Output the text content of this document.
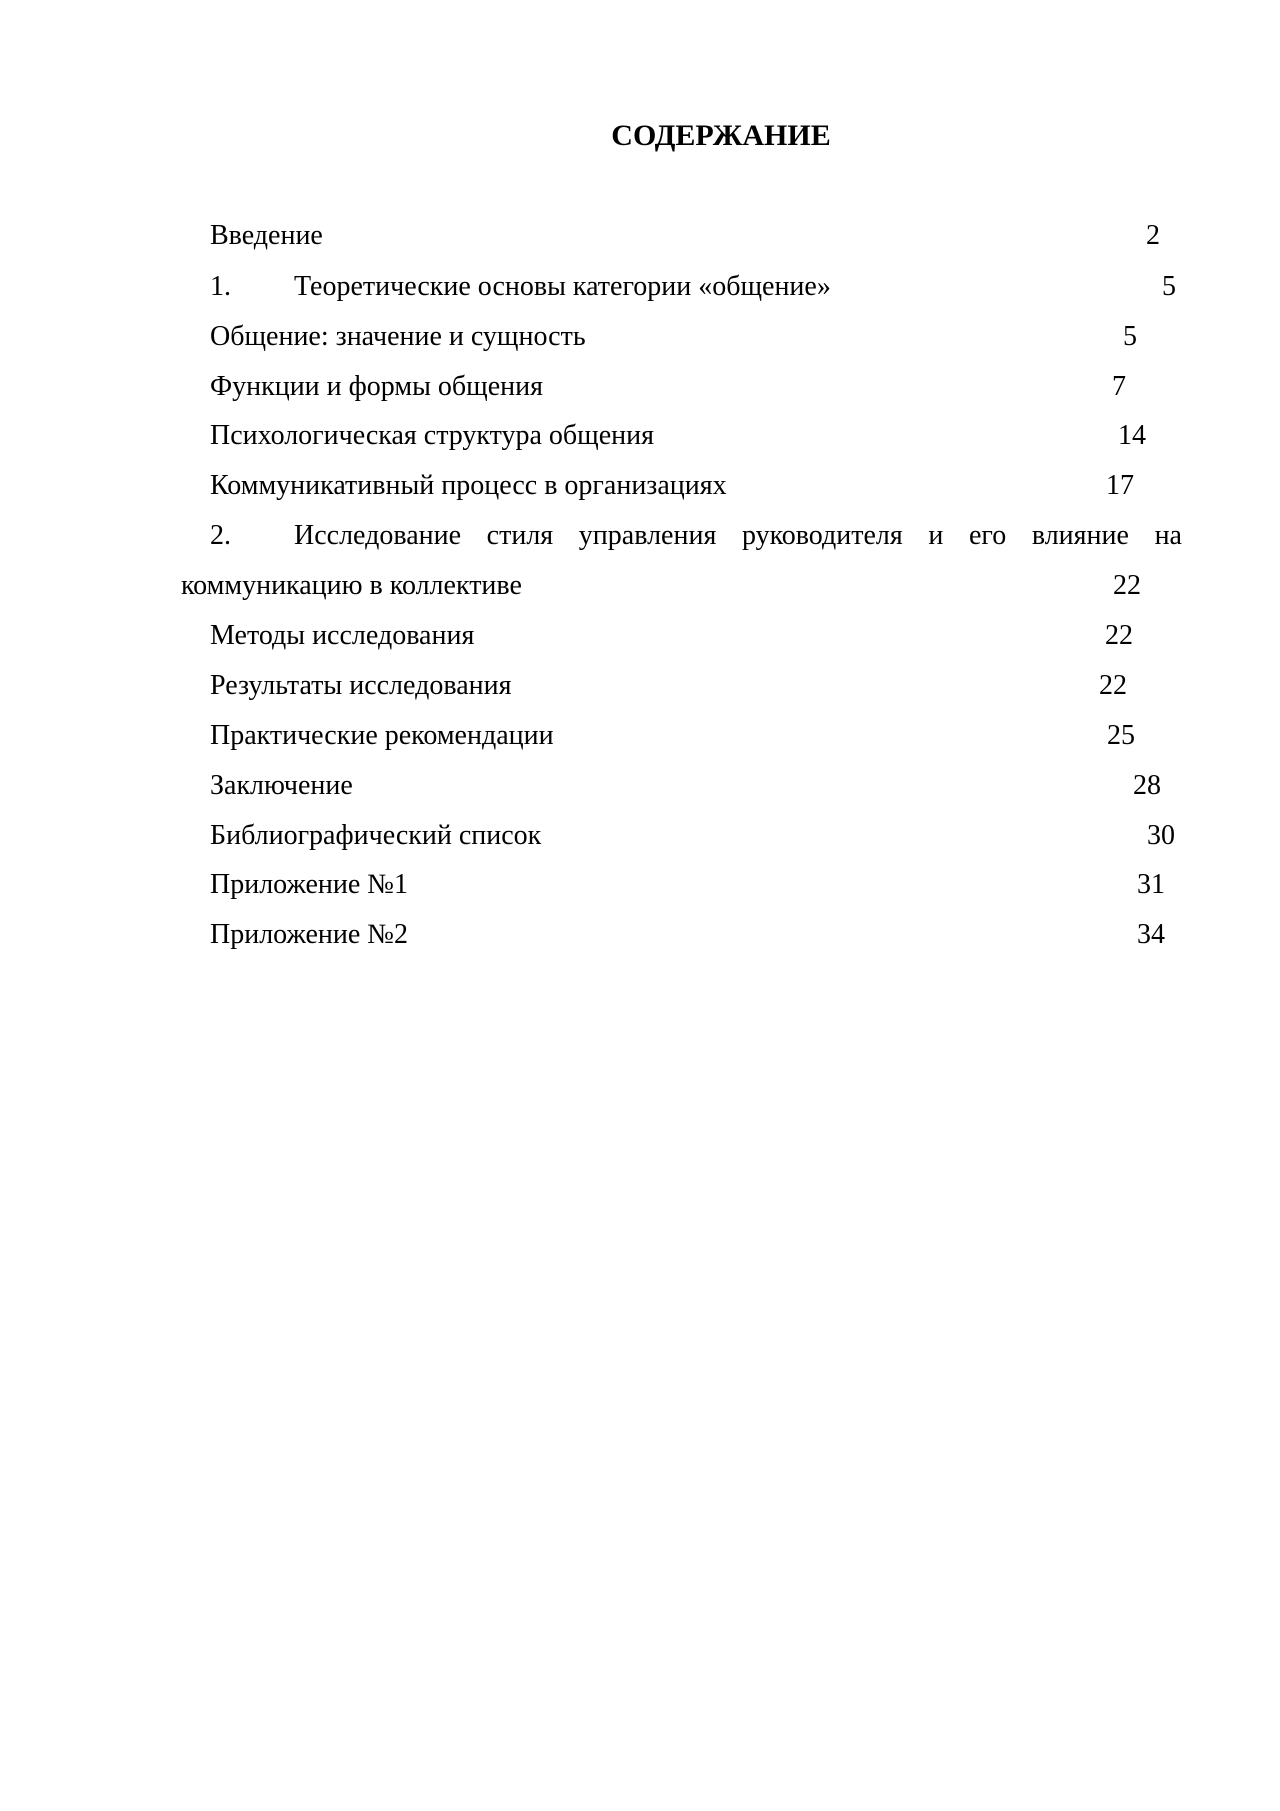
СОДЕРЖАНИЕ
Введение	2
1. Теоретические основы категории «общение»	5
Общение: значение и сущность	5
Функции и формы общения	7
Психологическая структура общения	14
Коммуникативный процесс в организациях	17
2. Исследование стиля управления руководителя и его влияние на
коммуникацию в коллективе	22
Методы исследования	22
Результаты исследования	22
Практические рекомендации	25
Заключение	28
Библиографический список	30
Приложение №1	31
Приложение №2	34
